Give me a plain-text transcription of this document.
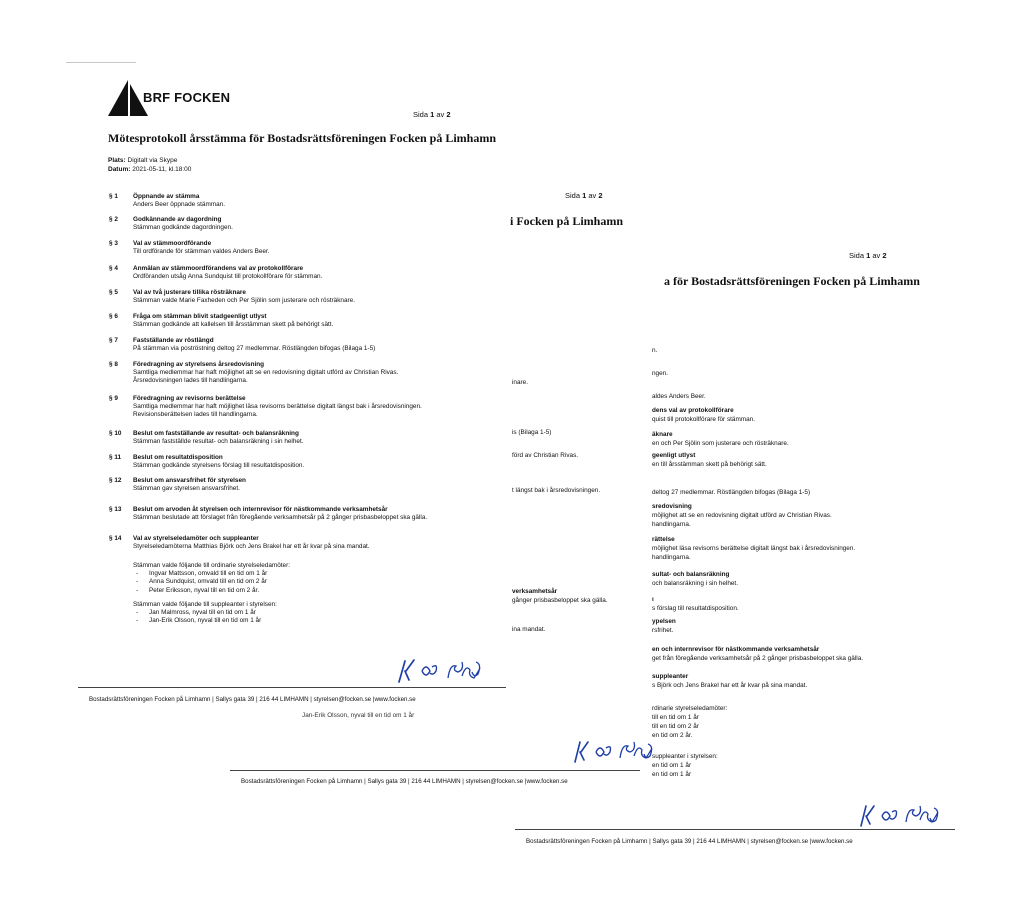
Sida 1 av 2
a för Bostadsrättsföreningen Focken på Limhamn
n.
ngen.
aldes Anders Beer.
dens val av protokollförare
quist till protokollförare för stämman.
äknare
en och Per Sjölin som justerare och rösträknare.
geenligt utlyst
en till årsstämman skett på behörigt sätt.
deltog 27 medlemmar. Röstlängden bifogas (Bilaga 1-5)
sredovisning
möjlighet att se en redovisning digitalt utförd av Christian Rivas.
handlingarna.
rättelse
möjlighet läsa revisorns berättelse digitalt längst bak i årsredovisningen.
handlingarna.
sultat- och balansräkning
och balansräkning i sin helhet.
ı
s förslag till resultatdisposition.
ypelsen
rsfrihet.
en och internrevisor för nästkommande verksamhetsår
get från föregående verksamhetsår på 2 gånger prisbasbeloppet ska gälla.
suppleanter
s Björk och Jens Brakel har ett år kvar på sina mandat.
rdinarie styrelseledamöter:
till en tid om 1 år
till en tid om 2 år
en tid om 2 år.
suppleanter i styrelsen:
en tid om 1 år
en tid om 1 år
Bostadsrättsföreningen Focken på Limhamn | Sallys gata 39 | 216 44 LIMHAMN | styrelsen@focken.se |www.focken.se
Sida 1 av 2
i Focken på Limhamn
inare.
is (Bilaga 1-5)
förd av Christian Rivas.
t längst bak i årsredovisningen.
verksamhetsår
gånger prisbasbeloppet ska gälla.
ina mandat.
Jan-Erik Olsson, nyval till en tid om 1 år
Bostadsrättsföreningen Focken på Limhamn | Sallys gata 39 | 216 44 LIMHAMN | styrelsen@focken.se |www.focken.se
BRF FOCKEN
Sida 1 av 2
Mötesprotokoll årsstämma för Bostadsrättsföreningen Focken på Limhamn
Plats: Digitalt via Skype
Datum: 2021-05-11, kl.18:00
§ 1 Öppnande av stämma
Anders Beer öppnade stämman.
§ 2 Godkännande av dagordning
Stämman godkände dagordningen.
§ 3 Val av stämmoordförande
Till ordförande för stämman valdes Anders Beer.
§ 4 Anmälan av stämmoordförandens val av protokollförare
Ordföranden utsåg Anna Sundquist till protokollförare för stämman.
§ 5 Val av två justerare tillika rösträknare
Stämman valde Marie Faxheden och Per Sjölin som justerare och rösträknare.
§ 6 Fråga om stämman blivit stadgeenligt utlyst
Stämman godkände att kallelsen till årsstämman skett på behörigt sätt.
§ 7 Fastställande av röstlängd
På stämman via poströstning deltog 27 medlemmar. Röstlängden bifogas (Bilaga 1-5)
§ 8 Föredragning av styrelsens årsredovisning
Samtliga medlemmar har haft möjlighet att se en redovisning digitalt utförd av Christian Rivas.
Årsredovisningen lades till handlingarna.
§ 9 Föredragning av revisorns berättelse
Samtliga medlemmar har haft möjlighet läsa revisorns berättelse digitalt längst bak i årsredovisningen.
Revisionsberättelsen lades till handlingarna.
§ 10 Beslut om fastställande av resultat- och balansräkning
Stämman fastställde resultat- och balansräkning i sin helhet.
§ 11 Beslut om resultatdisposition
Stämman godkände styrelsens förslag till resultatdisposition.
§ 12 Beslut om ansvarsfrihet för styrelsen
Stämman gav styrelsen ansvarsfrihet.
§ 13 Beslut om arvoden åt styrelsen och internrevisor för nästkommande verksamhetsår
Stämman beslutade att förslaget från föregående verksamhetsår på 2 gånger prisbasbeloppet ska gälla.
§ 14 Val av styrelseledamöter och suppleanter
Styrelseledamöterna Matthias Björk och Jens Brakel har ett år kvar på sina mandat.
Stämman valde följande till ordinarie styrelseledamöter:
- Ingvar Mattsson, omvald till en tid om 1 år
- Anna Sundquist, omvald till en tid om 2 år
- Peter Eriksson, nyval till en tid om 2 år.
Stämman valde följande till suppleanter i styrelsen:
- Jan Malmross, nyval till en tid om 1 år
- Jan-Erik Olsson, nyval till en tid om 1 år
Bostadsrättsföreningen Focken på Limhamn | Sallys gata 39 | 216 44 LIMHAMN | styrelsen@focken.se |www.focken.se
